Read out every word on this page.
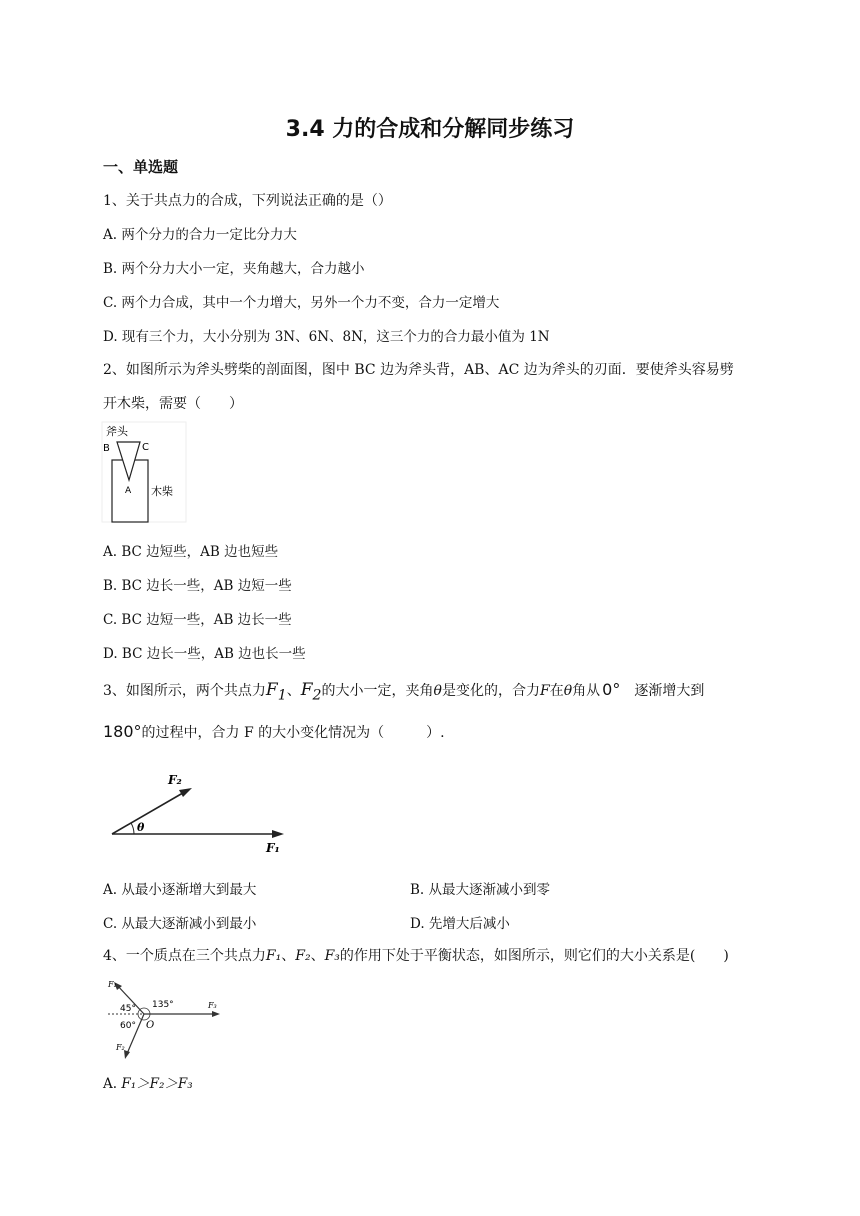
3.4 力的合成和分解同步练习
一、单选题
1、关于共点力的合成，下列说法正确的是（）
A. 两个分力的合力一定比分力大
B. 两个分力大小一定，夹角越大，合力越小
C. 两个力合成，其中一个力增大，另外一个力不变，合力一定增大
D. 现有三个力，大小分别为 3N、6N、8N，这三个力的合力最小值为 1N
2、如图所示为斧头劈柴的剖面图，图中 BC 边为斧头背，AB、AC 边为斧头的刃面．要使斧头容易劈
开木柴，需要（　　）
斧头
B	C
A 木柴
A. BC 边短些，AB 边也短些
B. BC 边长一些，AB 边短一些
C. BC 边短一些，AB 边长一些
D. BC 边长一些，AB 边也长一些
3、如图所示，两个共点力$F_1$、$F_2$的大小一定，夹角θ是变化的，合力F在θ角从 0° 逐渐增大到
180°的过程中，合力 F 的大小变化情况为（　　　）.
F₂
θ
F₁
A. 从最小逐渐增大到最大	B. 从最大逐渐减小到零
C. 从最大逐渐减小到最小	D. 先增大后减小
4、一个质点在三个共点力F₁、F₂、F₃的作用下处于平衡状态，如图所示，则它们的大小关系是(　　)
F₁
45° 135°	F₃
60° O
F₂
A. F₁＞F₂＞F₃
